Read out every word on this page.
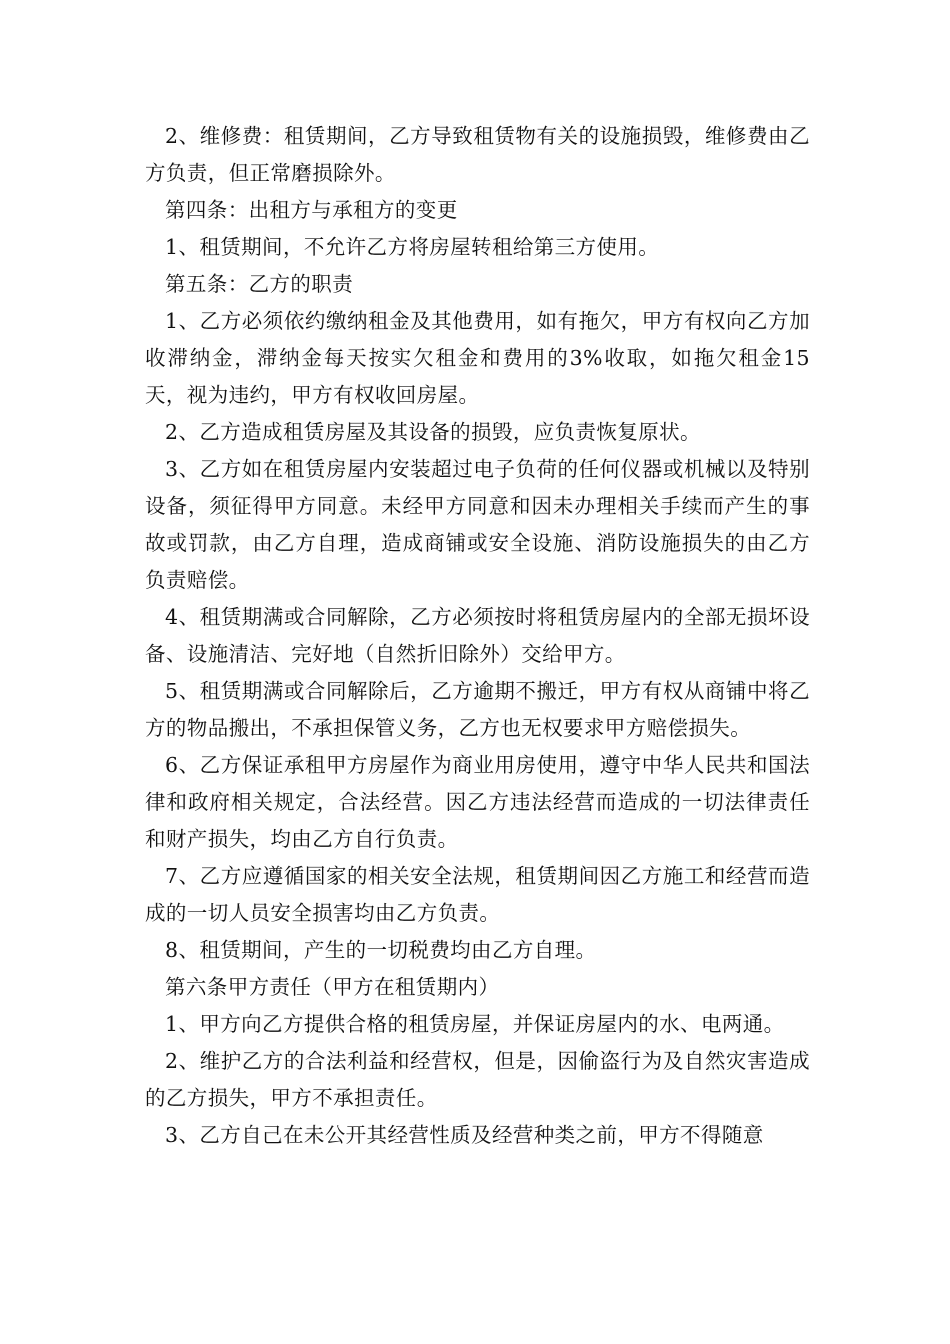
2、维修费：租赁期间，乙方导致租赁物有关的设施损毁，维修费由乙方负责，但正常磨损除外。

第四条：出租方与承租方的变更

1、租赁期间，不允许乙方将房屋转租给第三方使用。

第五条：乙方的职责

1、乙方必须依约缴纳租金及其他费用，如有拖欠，甲方有权向乙方加收滞纳金，滞纳金每天按实欠租金和费用的3%收取，如拖欠租金15天，视为违约，甲方有权收回房屋。

2、乙方造成租赁房屋及其设备的损毁，应负责恢复原状。

3、乙方如在租赁房屋内安装超过电子负荷的任何仪器或机械以及特别设备，须征得甲方同意。未经甲方同意和因未办理相关手续而产生的事故或罚款，由乙方自理，造成商铺或安全设施、消防设施损失的由乙方负责赔偿。

4、租赁期满或合同解除，乙方必须按时将租赁房屋内的全部无损坏设备、设施清洁、完好地（自然折旧除外）交给甲方。

5、租赁期满或合同解除后，乙方逾期不搬迁，甲方有权从商铺中将乙方的物品搬出，不承担保管义务，乙方也无权要求甲方赔偿损失。

6、乙方保证承租甲方房屋作为商业用房使用，遵守中华人民共和国法律和政府相关规定，合法经营。因乙方违法经营而造成的一切法律责任和财产损失，均由乙方自行负责。

7、乙方应遵循国家的相关安全法规，租赁期间因乙方施工和经营而造成的一切人员安全损害均由乙方负责。

8、租赁期间，产生的一切税费均由乙方自理。

第六条甲方责任（甲方在租赁期内）

1、甲方向乙方提供合格的租赁房屋，并保证房屋内的水、电两通。

2、维护乙方的合法利益和经营权，但是，因偷盗行为及自然灾害造成的乙方损失，甲方不承担责任。

3、乙方自己在未公开其经营性质及经营种类之前，甲方不得随意
